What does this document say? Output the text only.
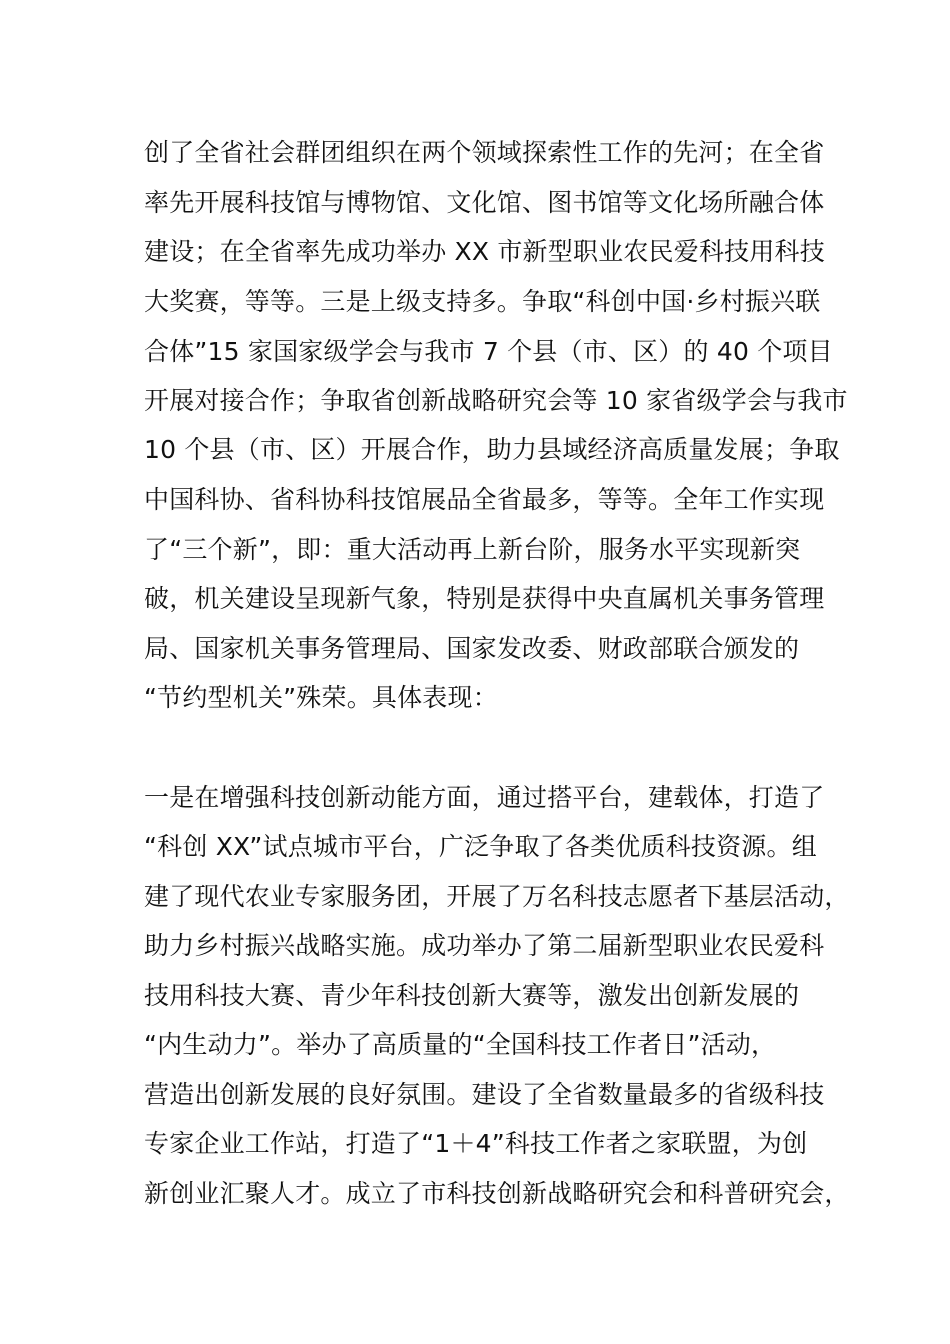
创了全省社会群团组织在两个领域探索性工作的先河；在全省
率先开展科技馆与博物馆、文化馆、图书馆等文化场所融合体
建设；在全省率先成功举办 XX 市新型职业农民爱科技用科技
大奖赛，等等。三是上级支持多。争取“科创中国·乡村振兴联
合体”15 家国家级学会与我市 7 个县（市、区）的 40 个项目
开展对接合作；争取省创新战略研究会等 10 家省级学会与我市
10 个县（市、区）开展合作，助力县域经济高质量发展；争取
中国科协、省科协科技馆展品全省最多，等等。全年工作实现
了“三个新”，即：重大活动再上新台阶，服务水平实现新突
破，机关建设呈现新气象，特别是获得中央直属机关事务管理
局、国家机关事务管理局、国家发改委、财政部联合颁发的
“节约型机关”殊荣。具体表现：
一是在增强科技创新动能方面，通过搭平台，建载体，打造了
“科创 XX”试点城市平台，广泛争取了各类优质科技资源。组
建了现代农业专家服务团，开展了万名科技志愿者下基层活动，
助力乡村振兴战略实施。成功举办了第二届新型职业农民爱科
技用科技大赛、青少年科技创新大赛等，激发出创新发展的
“内生动力”。举办了高质量的“全国科技工作者日”活动，
营造出创新发展的良好氛围。建设了全省数量最多的省级科技
专家企业工作站，打造了“1＋4”科技工作者之家联盟，为创
新创业汇聚人才。成立了市科技创新战略研究会和科普研究会，
